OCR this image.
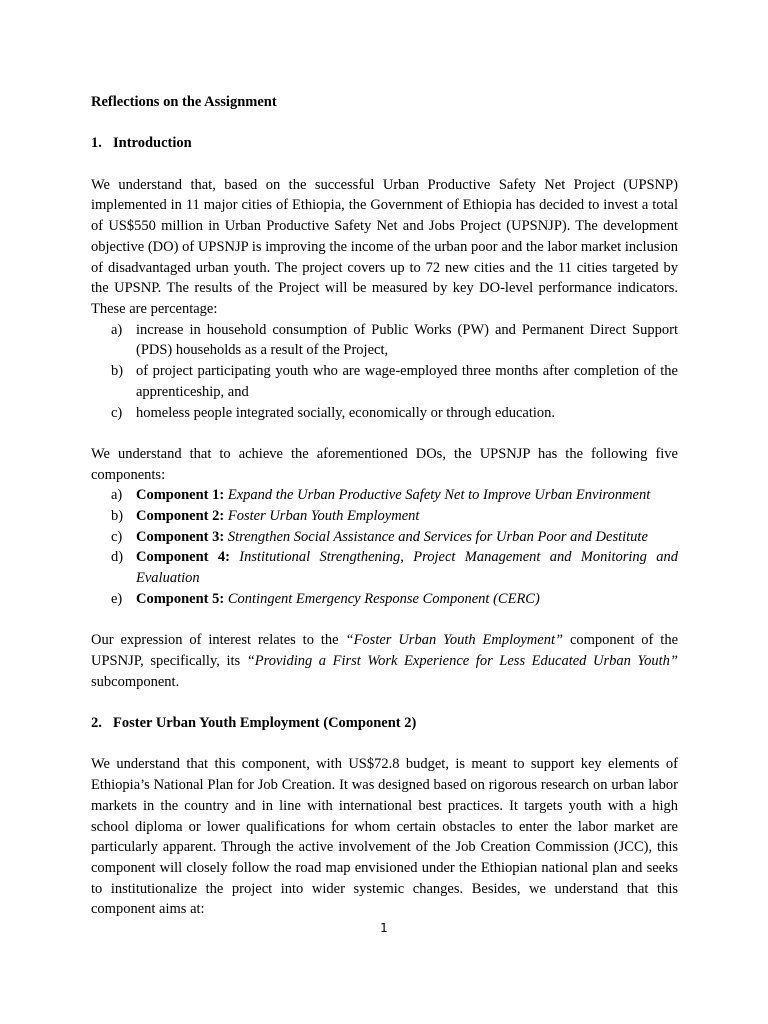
Reflections on the Assignment

1. Introduction

We understand that, based on the successful Urban Productive Safety Net Project (UPSNP) implemented in 11 major cities of Ethiopia, the Government of Ethiopia has decided to invest a total of US$550 million in Urban Productive Safety Net and Jobs Project (UPSNJP). The development objective (DO) of UPSNJP is improving the income of the urban poor and the labor market inclusion of disadvantaged urban youth. The project covers up to 72 new cities and the 11 cities targeted by the UPSNP. The results of the Project will be measured by key DO-level performance indicators. These are percentage:

a) increase in household consumption of Public Works (PW) and Permanent Direct Support (PDS) households as a result of the Project,
b) of project participating youth who are wage-employed three months after completion of the apprenticeship, and
c) homeless people integrated socially, economically or through education.

We understand that to achieve the aforementioned DOs, the UPSNJP has the following five components:

a) Component 1: Expand the Urban Productive Safety Net to Improve Urban Environment
b) Component 2: Foster Urban Youth Employment
c) Component 3: Strengthen Social Assistance and Services for Urban Poor and Destitute
d) Component 4: Institutional Strengthening, Project Management and Monitoring and Evaluation
e) Component 5: Contingent Emergency Response Component (CERC)

Our expression of interest relates to the “Foster Urban Youth Employment” component of the UPSNJP, specifically, its “Providing a First Work Experience for Less Educated Urban Youth” subcomponent.

2. Foster Urban Youth Employment (Component 2)

We understand that this component, with US$72.8 budget, is meant to support key elements of Ethiopia’s National Plan for Job Creation. It was designed based on rigorous research on urban labor markets in the country and in line with international best practices. It targets youth with a high school diploma or lower qualifications for whom certain obstacles to enter the labor market are particularly apparent. Through the active involvement of the Job Creation Commission (JCC), this component will closely follow the road map envisioned under the Ethiopian national plan and seeks to institutionalize the project into wider systemic changes. Besides, we understand that this component aims at:

1
